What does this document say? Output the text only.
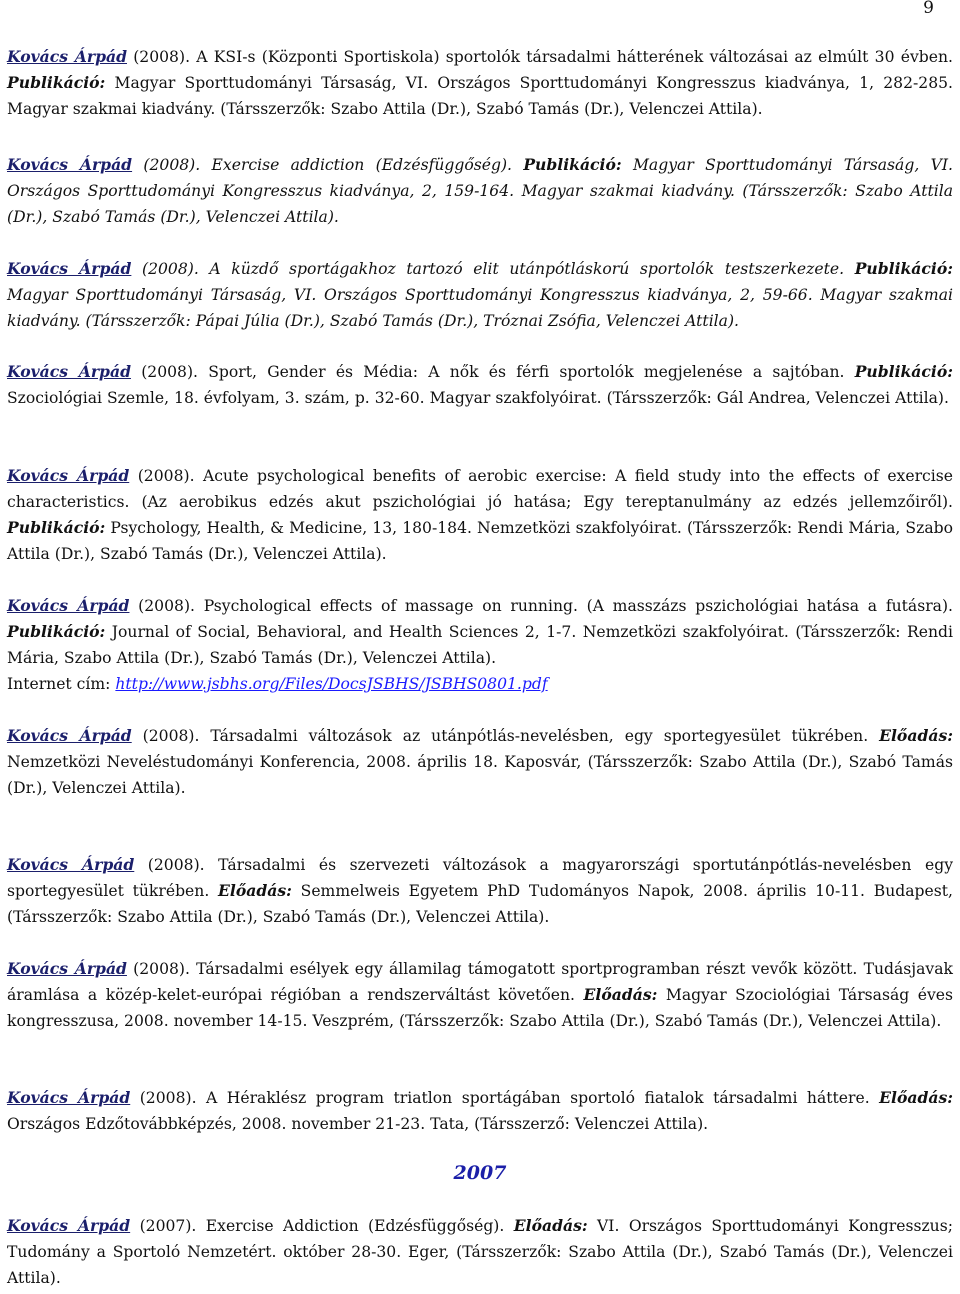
9

Kovács Árpád (2008). A KSI-s (Központi Sportiskola) sportolók társadalmi hátterének változásai az elmúlt 30 évben. Publikáció: Magyar Sporttudományi Társaság, VI. Országos Sporttudományi Kongresszus kiadványa, 1, 282-285. Magyar szakmai kiadvány. (Társszerzők: Szabo Attila (Dr.), Szabó Tamás (Dr.), Velenczei Attila).

Kovács Árpád (2008). Exercise addiction (Edzésfüggőség). Publikáció: Magyar Sporttudományi Társaság, VI. Országos Sporttudományi Kongresszus kiadványa, 2, 159-164. Magyar szakmai kiadvány. (Társszerzők: Szabo Attila (Dr.), Szabó Tamás (Dr.), Velenczei Attila).

Kovács Árpád (2008). A küzdő sportágakhoz tartozó elit utánpótláskorú sportolók testszerkezete. Publikáció: Magyar Sporttudományi Társaság, VI. Országos Sporttudományi Kongresszus kiadványa, 2, 59-66. Magyar szakmai kiadvány. (Társszerzők: Pápai Júlia (Dr.), Szabó Tamás (Dr.), Tróznai Zsófia, Velenczei Attila).

Kovács Árpád (2008). Sport, Gender és Média: A nők és férfi sportolók megjelenése a sajtóban. Publikáció: Szociológiai Szemle, 18. évfolyam, 3. szám, p. 32-60. Magyar szakfolyóirat. (Társszerzők: Gál Andrea, Velenczei Attila).

Kovács Árpád (2008). Acute psychological benefits of aerobic exercise: A field study into the effects of exercise characteristics. (Az aerobikus edzés akut pszichológiai jó hatása; Egy tereptanulmány az edzés jellemzőiről). Publikáció: Psychology, Health, & Medicine, 13, 180-184. Nemzetközi szakfolyóirat. (Társszerzők: Rendi Mária, Szabo Attila (Dr.), Szabó Tamás (Dr.), Velenczei Attila).

Kovács Árpád (2008). Psychological effects of massage on running. (A masszázs pszichológiai hatása a futásra). Publikáció: Journal of Social, Behavioral, and Health Sciences 2, 1-7. Nemzetközi szakfolyóirat. (Társszerzők: Rendi Mária, Szabo Attila (Dr.), Szabó Tamás (Dr.), Velenczei Attila).
Internet cím: http://www.jsbhs.org/Files/DocsJSBHS/JSBHS0801.pdf

Kovács Árpád (2008). Társadalmi változások az utánpótlás-nevelésben, egy sportegyesület tükrében. Előadás: Nemzetközi Neveléstudományi Konferencia, 2008. április 18. Kaposvár, (Társszerzők: Szabo Attila (Dr.), Szabó Tamás (Dr.), Velenczei Attila).

Kovács Árpád (2008). Társadalmi és szervezeti változások a magyarországi sportutánpótlás-nevelésben egy sportegyesület tükrében. Előadás: Semmelweis Egyetem PhD Tudományos Napok, 2008. április 10-11. Budapest, (Társszerzők: Szabo Attila (Dr.), Szabó Tamás (Dr.), Velenczei Attila).

Kovács Árpád (2008). Társadalmi esélyek egy államilag támogatott sportprogramban részt vevők között. Tudásjavak áramlása a közép-kelet-európai régióban a rendszerváltást követően. Előadás: Magyar Szociológiai Társaság éves kongresszusa, 2008. november 14-15. Veszprém, (Társszerzők: Szabo Attila (Dr.), Szabó Tamás (Dr.), Velenczei Attila).

Kovács Árpád (2008). A Héraklész program triatlon sportágában sportoló fiatalok társadalmi háttere. Előadás: Országos Edzőtovábbképzés, 2008. november 21-23. Tata, (Társszerző: Velenczei Attila).

2007

Kovács Árpád (2007). Exercise Addiction (Edzésfüggőség). Előadás: VI. Országos Sporttudományi Kongresszus; Tudomány a Sportoló Nemzetért. október 28-30. Eger, (Társszerzők: Szabo Attila (Dr.), Szabó Tamás (Dr.), Velenczei Attila).
